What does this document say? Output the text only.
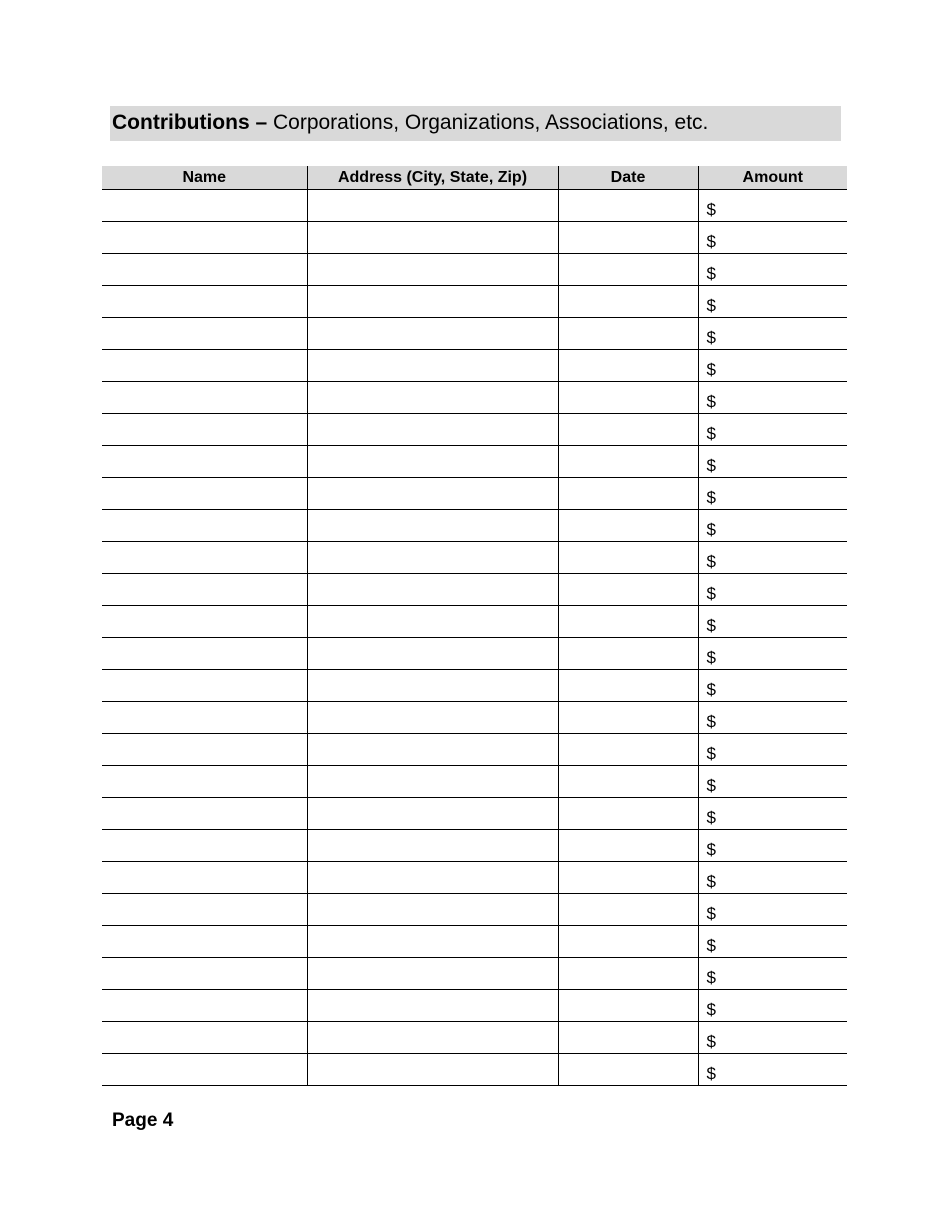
Contributions – Corporations, Organizations, Associations, etc.
Name	Address (City, State, Zip)	Date	Amount
			$
			$
			$
			$
			$
			$
			$
			$
			$
			$
			$
			$
			$
			$
			$
			$
			$
			$
			$
			$
			$
			$
			$
			$
			$
			$
			$
			$
Page 4
